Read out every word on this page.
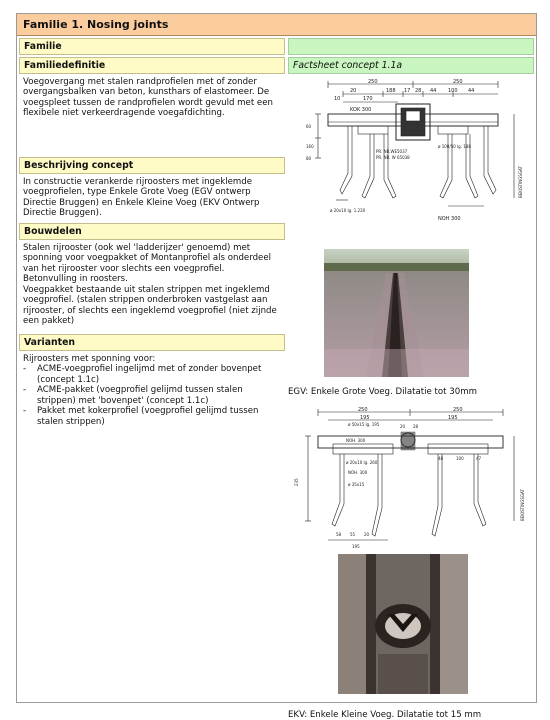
Familie 1. Nosing joints
Familie
Familiedefinitie
Voegovergang met stalen randprofielen met of zonder overgangsbalken van beton, kunsthars of elastomeer. De voegspleet tussen de randprofielen wordt gevuld met een flexibele niet verkeerdragende voegafdichting.
Beschrijving concept
In constructie verankerde rijroosters met ingeklemde voegprofielen, type Enkele Grote Voeg (EGV ontwerp Directie Bruggen) en Enkele Kleine Voeg (EKV Ontwerp Directie Bruggen).
Bouwdelen
Stalen rijrooster (ook wel 'ladderijzer' genoemd) met sponning voor voegpakket of Montanprofiel als onderdeel van het rijrooster voor slechts een voegprofiel.
Betonvulling in roosters.
Voegpakket bestaande uit stalen strippen met ingeklemd voegprofiel. (stalen strippen onderbroken vastgelast aan rijrooster, of slechts een ingeklemd voegprofiel (niet zijnde een pakket)
Varianten
Rijroosters met sponning voor:
- ACME-voegprofiel ingelijmd met of zonder bovenpet (concept 1.1c)
- ACME-pakket (voegprofiel gelijmd tussen stalen strippen) met 'bovenpet' (concept 1.1c)
- Pakket met kokerprofiel (voegprofiel gelijmd tussen stalen strippen)
Factsheet concept 1.1a
250	250
20	188 17 28 44 100 44
10	170
KOK 300
NOH 300
PR. NR.WE5037
PR. NR. W 65038
ø 100/50 lg. 188
ø 20x10 lg. 1.220
BEKISTINGSGAT
60
160
80
EGV: Enkele Grote Voeg. Dilatatie tot 30mm
250	250
195	195
20 28
ø 50x15 lg. 195
NOH. 300
ø 20x10 lg. 260
NOH. 300
ø 35x15
48	100	47
235
58 55
195
20
BEKISTINGSGAT
EKV: Enkele Kleine Voeg. Dilatatie tot 15 mm
